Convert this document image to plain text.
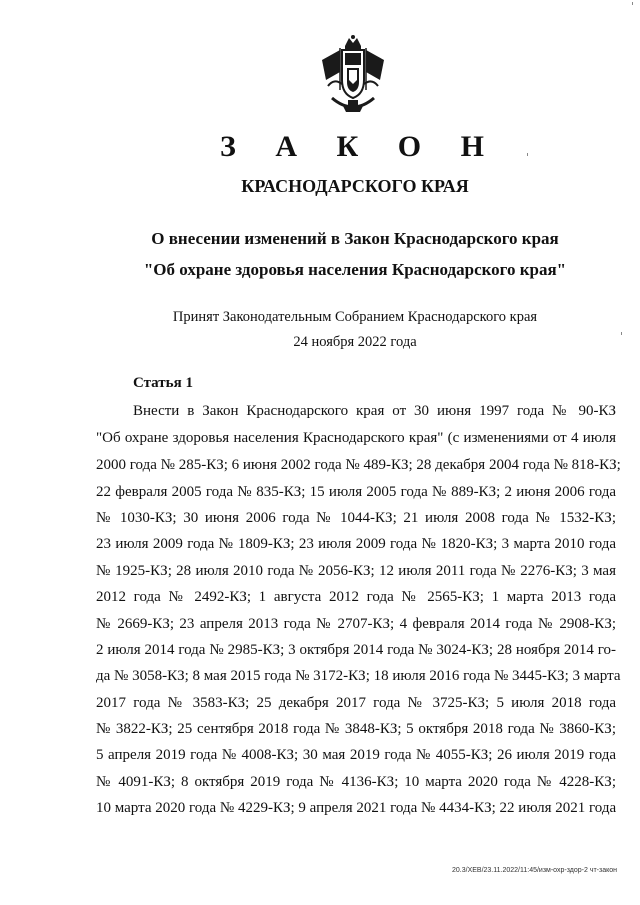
З А К О Н
КРАСНОДАРСКОГО КРАЯ
О внесении изменений в Закон Краснодарского края
"Об охране здоровья населения Краснодарского края"
Принят Законодательным Собранием Краснодарского края
24 ноября 2022 года
Статья 1
Внести в Закон Краснодарского края от 30 июня 1997 года № 90-КЗ
"Об охране здоровья населения Краснодарского края" (с изменениями от 4 июля
2000 года № 285-КЗ; 6 июня 2002 года № 489-КЗ; 28 декабря 2004 года № 818-КЗ;
22 февраля 2005 года № 835-КЗ; 15 июля 2005 года № 889-КЗ; 2 июня 2006 года
№ 1030-КЗ; 30 июня 2006 года № 1044-КЗ; 21 июля 2008 года № 1532-КЗ;
23 июля 2009 года № 1809-КЗ; 23 июля 2009 года № 1820-КЗ; 3 марта 2010 года
№ 1925-КЗ; 28 июля 2010 года № 2056-КЗ; 12 июля 2011 года № 2276-КЗ; 3 мая
2012 года № 2492-КЗ; 1 августа 2012 года № 2565-КЗ; 1 марта 2013 года
№ 2669-КЗ; 23 апреля 2013 года № 2707-КЗ; 4 февраля 2014 года № 2908-КЗ;
2 июля 2014 года № 2985-КЗ; 3 октября 2014 года № 3024-КЗ; 28 ноября 2014 го-
да № 3058-КЗ; 8 мая 2015 года № 3172-КЗ; 18 июля 2016 года № 3445-КЗ; 3 марта
2017 года № 3583-КЗ; 25 декабря 2017 года № 3725-КЗ; 5 июля 2018 года
№ 3822-КЗ; 25 сентября 2018 года № 3848-КЗ; 5 октября 2018 года № 3860-КЗ;
5 апреля 2019 года № 4008-КЗ; 30 мая 2019 года № 4055-КЗ; 26 июля 2019 года
№ 4091-КЗ; 8 октября 2019 года № 4136-КЗ; 10 марта 2020 года № 4228-КЗ;
10 марта 2020 года № 4229-КЗ; 9 апреля 2021 года № 4434-КЗ; 22 июля 2021 года
20.3/ХЕВ/23.11.2022/11:45/изм-охр-здор-2 чт-закон
